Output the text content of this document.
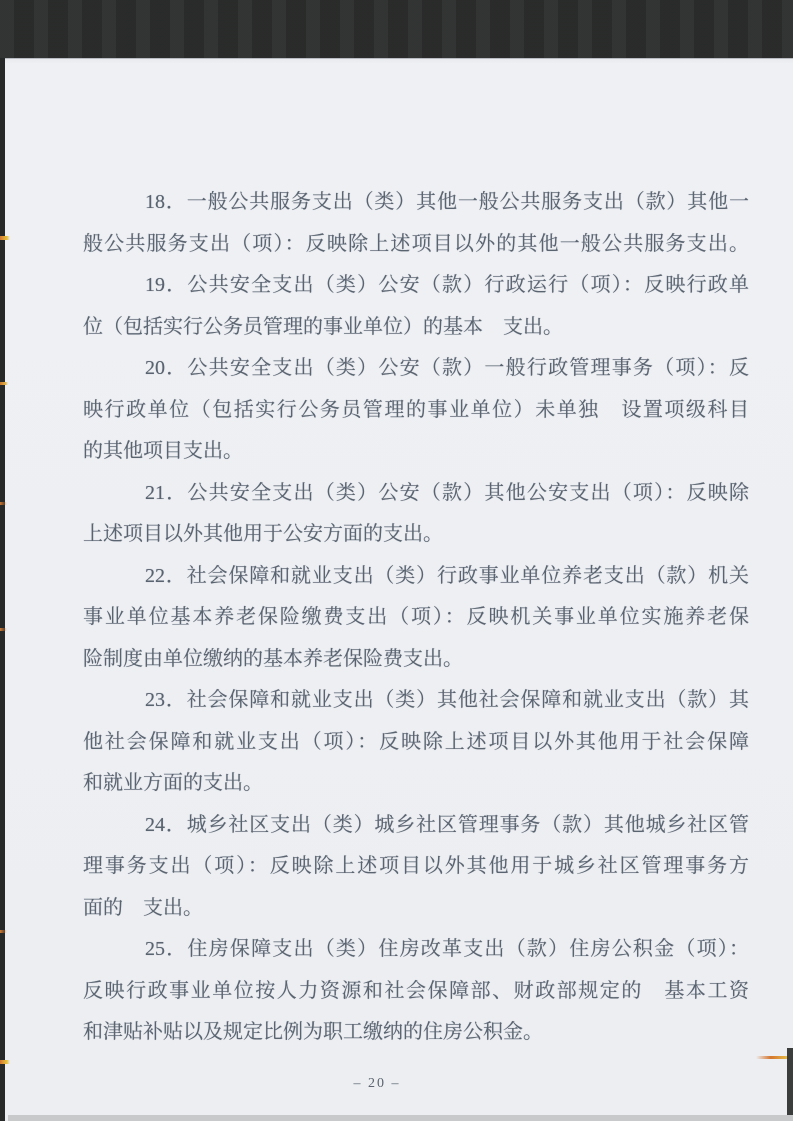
18．一般公共服务支出（类）其他一般公共服务支出（款）其他一
般公共服务支出（项）：反映除上述项目以外的其他一般公共服务支出。
19．公共安全支出（类）公安（款）行政运行（项）：反映行政单
位（包括实行公务员管理的事业单位）的基本　支出。
20．公共安全支出（类）公安（款）一般行政管理事务（项）：反
映行政单位（包括实行公务员管理的事业单位）未单独　设置项级科目
的其他项目支出。
21．公共安全支出（类）公安（款）其他公安支出（项）：反映除
上述项目以外其他用于公安方面的支出。
22．社会保障和就业支出（类）行政事业单位养老支出（款）机关
事业单位基本养老保险缴费支出（项）：反映机关事业单位实施养老保
险制度由单位缴纳的基本养老保险费支出。
23．社会保障和就业支出（类）其他社会保障和就业支出（款）其
他社会保障和就业支出（项）：反映除上述项目以外其他用于社会保障
和就业方面的支出。
24．城乡社区支出（类）城乡社区管理事务（款）其他城乡社区管
理事务支出（项）：反映除上述项目以外其他用于城乡社区管理事务方
面的　支出。
25．住房保障支出（类）住房改革支出（款）住房公积金（项）：
反映行政事业单位按人力资源和社会保障部、财政部规定的　基本工资
和津贴补贴以及规定比例为职工缴纳的住房公积金。
– 20 –
